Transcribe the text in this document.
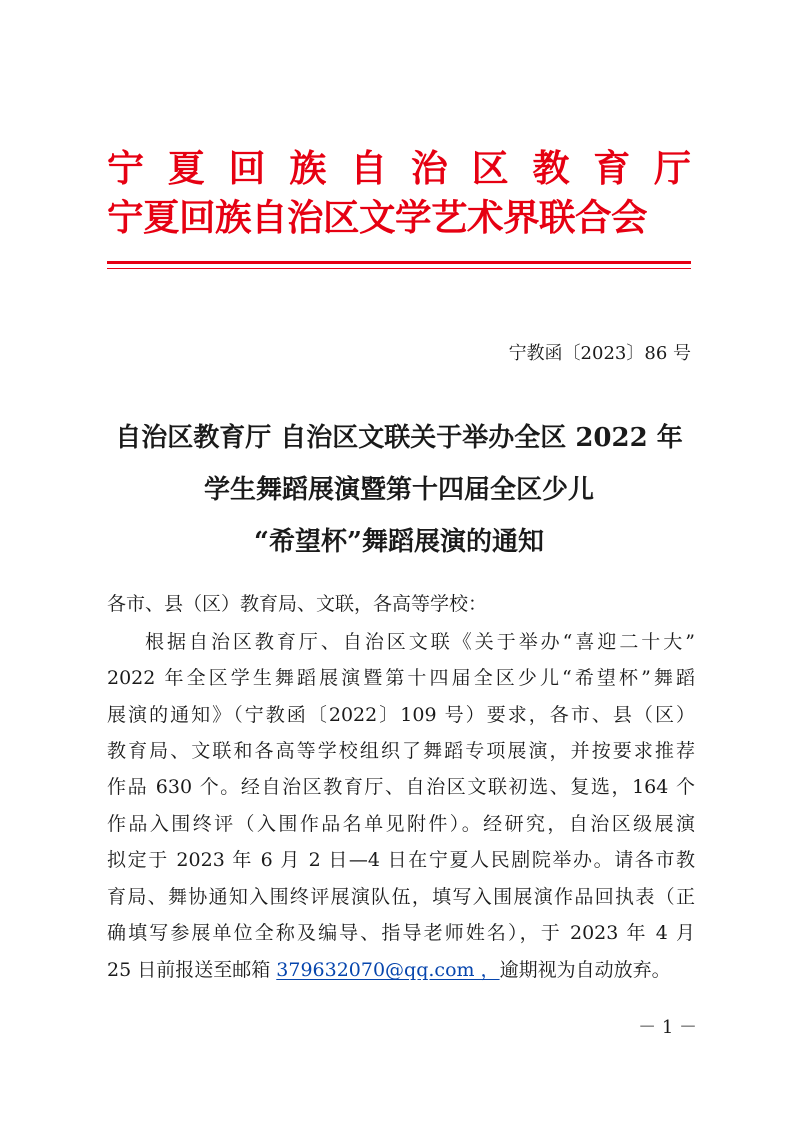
宁 夏 回 族 自 治 区 教 育 厅
宁夏回族自治区文学艺术界联合会
宁教函〔2023〕86 号
自治区教育厅 自治区文联关于举办全区 2022 年
学生舞蹈展演暨第十四届全区少儿
“希望杯”舞蹈展演的通知
各市、县（区）教育局、文联，各高等学校：
根据自治区教育厅、自治区文联《关于举办“喜迎二十大”
2022 年全区学生舞蹈展演暨第十四届全区少儿“希望杯”舞蹈
展演的通知》（宁教函〔2022〕109 号）要求，各市、县（区）
教育局、文联和各高等学校组织了舞蹈专项展演，并按要求推荐
作品 630 个。经自治区教育厅、自治区文联初选、复选，164 个
作品入围终评（入围作品名单见附件）。经研究，自治区级展演
拟定于 2023 年 6 月 2 日—4 日在宁夏人民剧院举办。请各市教
育局、舞协通知入围终评展演队伍，填写入围展演作品回执表（正
确填写参展单位全称及编导、指导老师姓名），于 2023 年 4 月
25 日前报送至邮箱 379632070@qq.com ，逾期视为自动放弃。
－ 1 －
